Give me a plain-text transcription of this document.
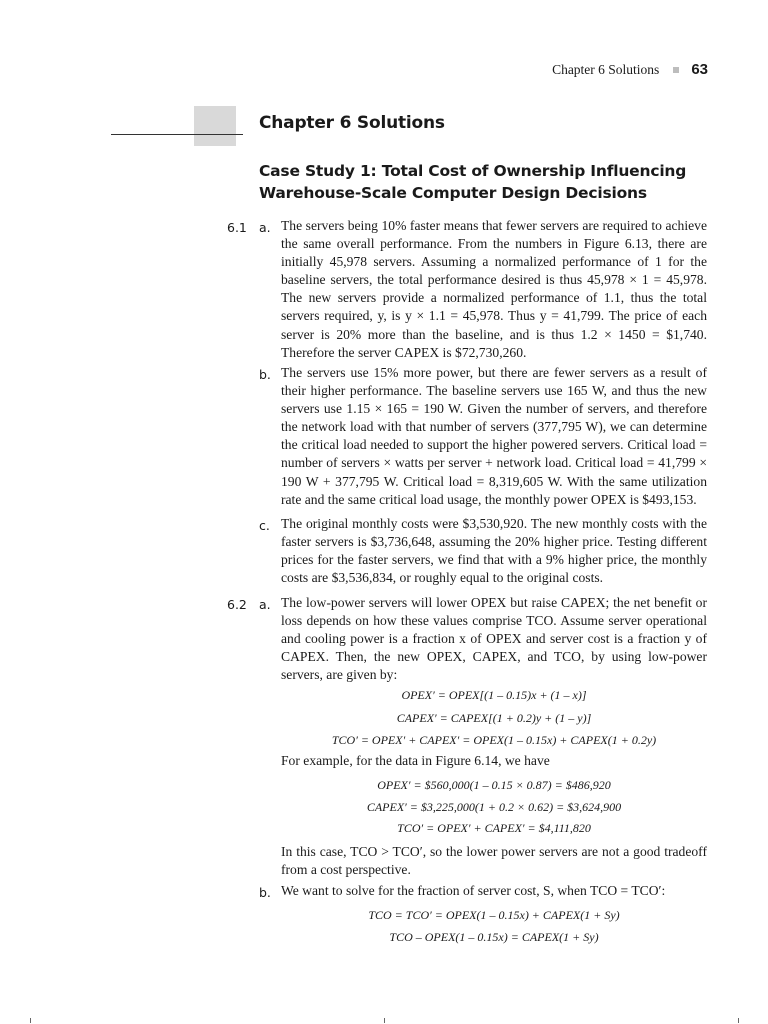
Chapter 6 Solutions 63
Chapter 6 Solutions
Case Study 1: Total Cost of Ownership Influencing Warehouse-Scale Computer Design Decisions
6.1 a. The servers being 10% faster means that fewer servers are required to achieve the same overall performance. From the numbers in Figure 6.13, there are initially 45,978 servers. Assuming a normalized performance of 1 for the baseline servers, the total performance desired is thus 45,978 × 1 = 45,978. The new servers provide a normalized performance of 1.1, thus the total servers required, y, is y × 1.1 = 45,978. Thus y = 41,799. The price of each server is 20% more than the baseline, and is thus 1.2 × 1450 = $1,740. Therefore the server CAPEX is $72,730,260.

b. The servers use 15% more power, but there are fewer servers as a result of their higher performance. The baseline servers use 165 W, and thus the new servers use 1.15 × 165 = 190 W. Given the number of servers, and therefore the network load with that number of servers (377,795 W), we can determine the critical load needed to support the higher powered servers. Critical load = number of servers × watts per server + network load. Critical load = 41,799 × 190 W + 377,795 W. Critical load = 8,319,605 W. With the same utilization rate and the same critical load usage, the monthly power OPEX is $493,153.

c. The original monthly costs were $3,530,920. The new monthly costs with the faster servers is $3,736,648, assuming the 20% higher price. Testing different prices for the faster servers, we find that with a 9% higher price, the monthly costs are $3,536,834, or roughly equal to the original costs.

6.2 a. The low-power servers will lower OPEX but raise CAPEX; the net benefit or loss depends on how these values comprise TCO. Assume server operational and cooling power is a fraction x of OPEX and server cost is a fraction y of CAPEX. Then, the new OPEX, CAPEX, and TCO, by using low-power servers, are given by:

OPEX′ = OPEX[(1 – 0.15)x + (1 – x)]
CAPEX′ = CAPEX[(1 + 0.2)y + (1 – y)]
TCO′ = OPEX′ + CAPEX′ = OPEX(1 – 0.15x) + CAPEX(1 + 0.2y)

For example, for the data in Figure 6.14, we have

OPEX′ = $560,000(1 – 0.15 × 0.87) = $486,920
CAPEX′ = $3,225,000(1 + 0.2 × 0.62) = $3,624,900
TCO′ = OPEX′ + CAPEX′ = $4,111,820

In this case, TCO > TCO′, so the lower power servers are not a good tradeoff from a cost perspective.

b. We want to solve for the fraction of server cost, S, when TCO = TCO′:

TCO = TCO′ = OPEX(1 – 0.15x) + CAPEX(1 + Sy)
TCO – OPEX(1 – 0.15x) = CAPEX(1 + Sy)
